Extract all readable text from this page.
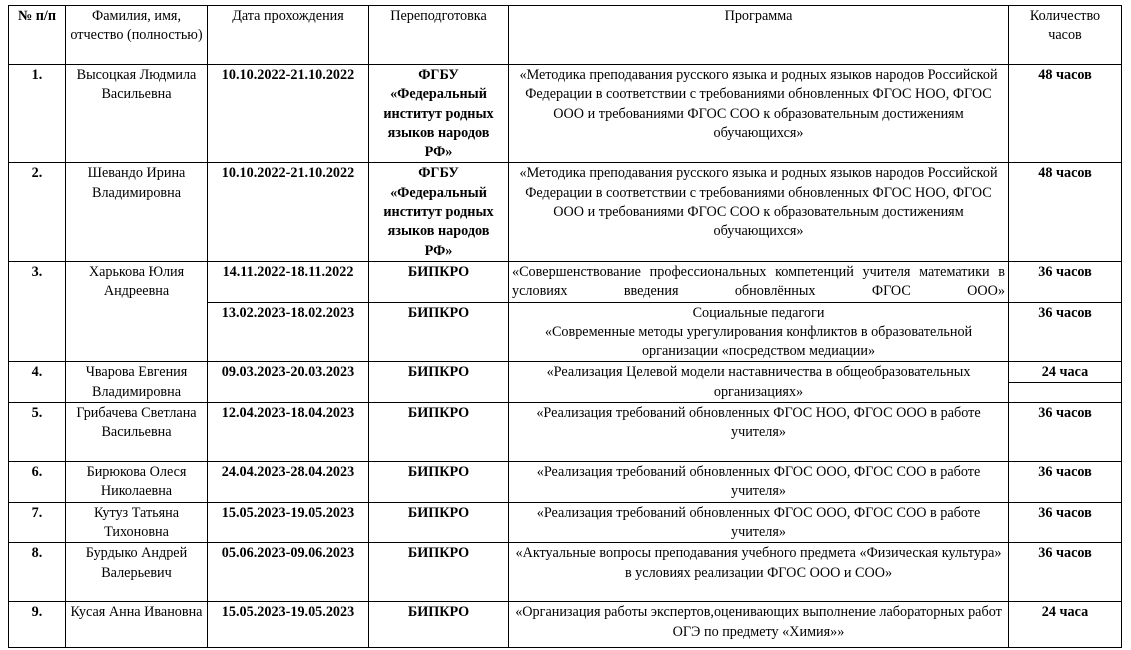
№ п/п	Фамилия, имя, отчество (полностью)	Дата прохождения	Переподготовка	Программа	Количество часов
1.	Высоцкая Людмила Васильевна	10.10.2022-21.10.2022	ФГБУ «Федеральный институт родных языков народов РФ»	«Методика преподавания русского языка и родных языков народов Российской Федерации в соответствии с требованиями обновленных ФГОС НОО, ФГОС ООО и требованиями ФГОС СОО к образовательным достижениям обучающихся»	48 часов
2.	Шевандо Ирина Владимировна	10.10.2022-21.10.2022	ФГБУ «Федеральный институт родных языков народов РФ»	«Методика преподавания русского языка и родных языков народов Российской Федерации в соответствии с требованиями обновленных ФГОС НОО, ФГОС ООО и требованиями ФГОС СОО к образовательным достижениям обучающихся»	48 часов
3.	Харькова Юлия Андреевна	14.11.2022-18.11.2022	БИПКРО	«Совершенствование профессиональных компетенций учителя математики в условиях введения обновлённых ФГОС ООО»	36 часов
		13.02.2023-18.02.2023	БИПКРО	Социальные педагоги
«Современные методы урегулирования конфликтов в образовательной организации «посредством медиации»	36 часов
4.	Чварова Евгения Владимировна	09.03.2023-20.03.2023	БИПКРО	«Реализация Целевой модели наставничества в общеобразовательных организациях»	24 часа

5.	Грибачева Светлана Васильевна	12.04.2023-18.04.2023	БИПКРО	«Реализация требований обновленных ФГОС НОО, ФГОС ООО в работе учителя»	36 часов
6.	Бирюкова Олеся Николаевна	24.04.2023-28.04.2023	БИПКРО	«Реализация требований обновленных ФГОС ООО, ФГОС СОО в работе учителя»	36 часов
7.	Кутуз Татьяна Тихоновна	15.05.2023-19.05.2023	БИПКРО	«Реализация требований обновленных ФГОС ООО, ФГОС СОО в работе учителя»	36 часов
8.	Бурдыко Андрей Валерьевич	05.06.2023-09.06.2023	БИПКРО	«Актуальные вопросы преподавания учебного предмета «Физическая культура» в условиях реализации ФГОС ООО и СОО»	36 часов
9.	Кусая Анна Ивановна	15.05.2023-19.05.2023	БИПКРО	«Организация работы экспертов,оценивающих выполнение лабораторных работ ОГЭ по предмету «Химия»»	24 часа
